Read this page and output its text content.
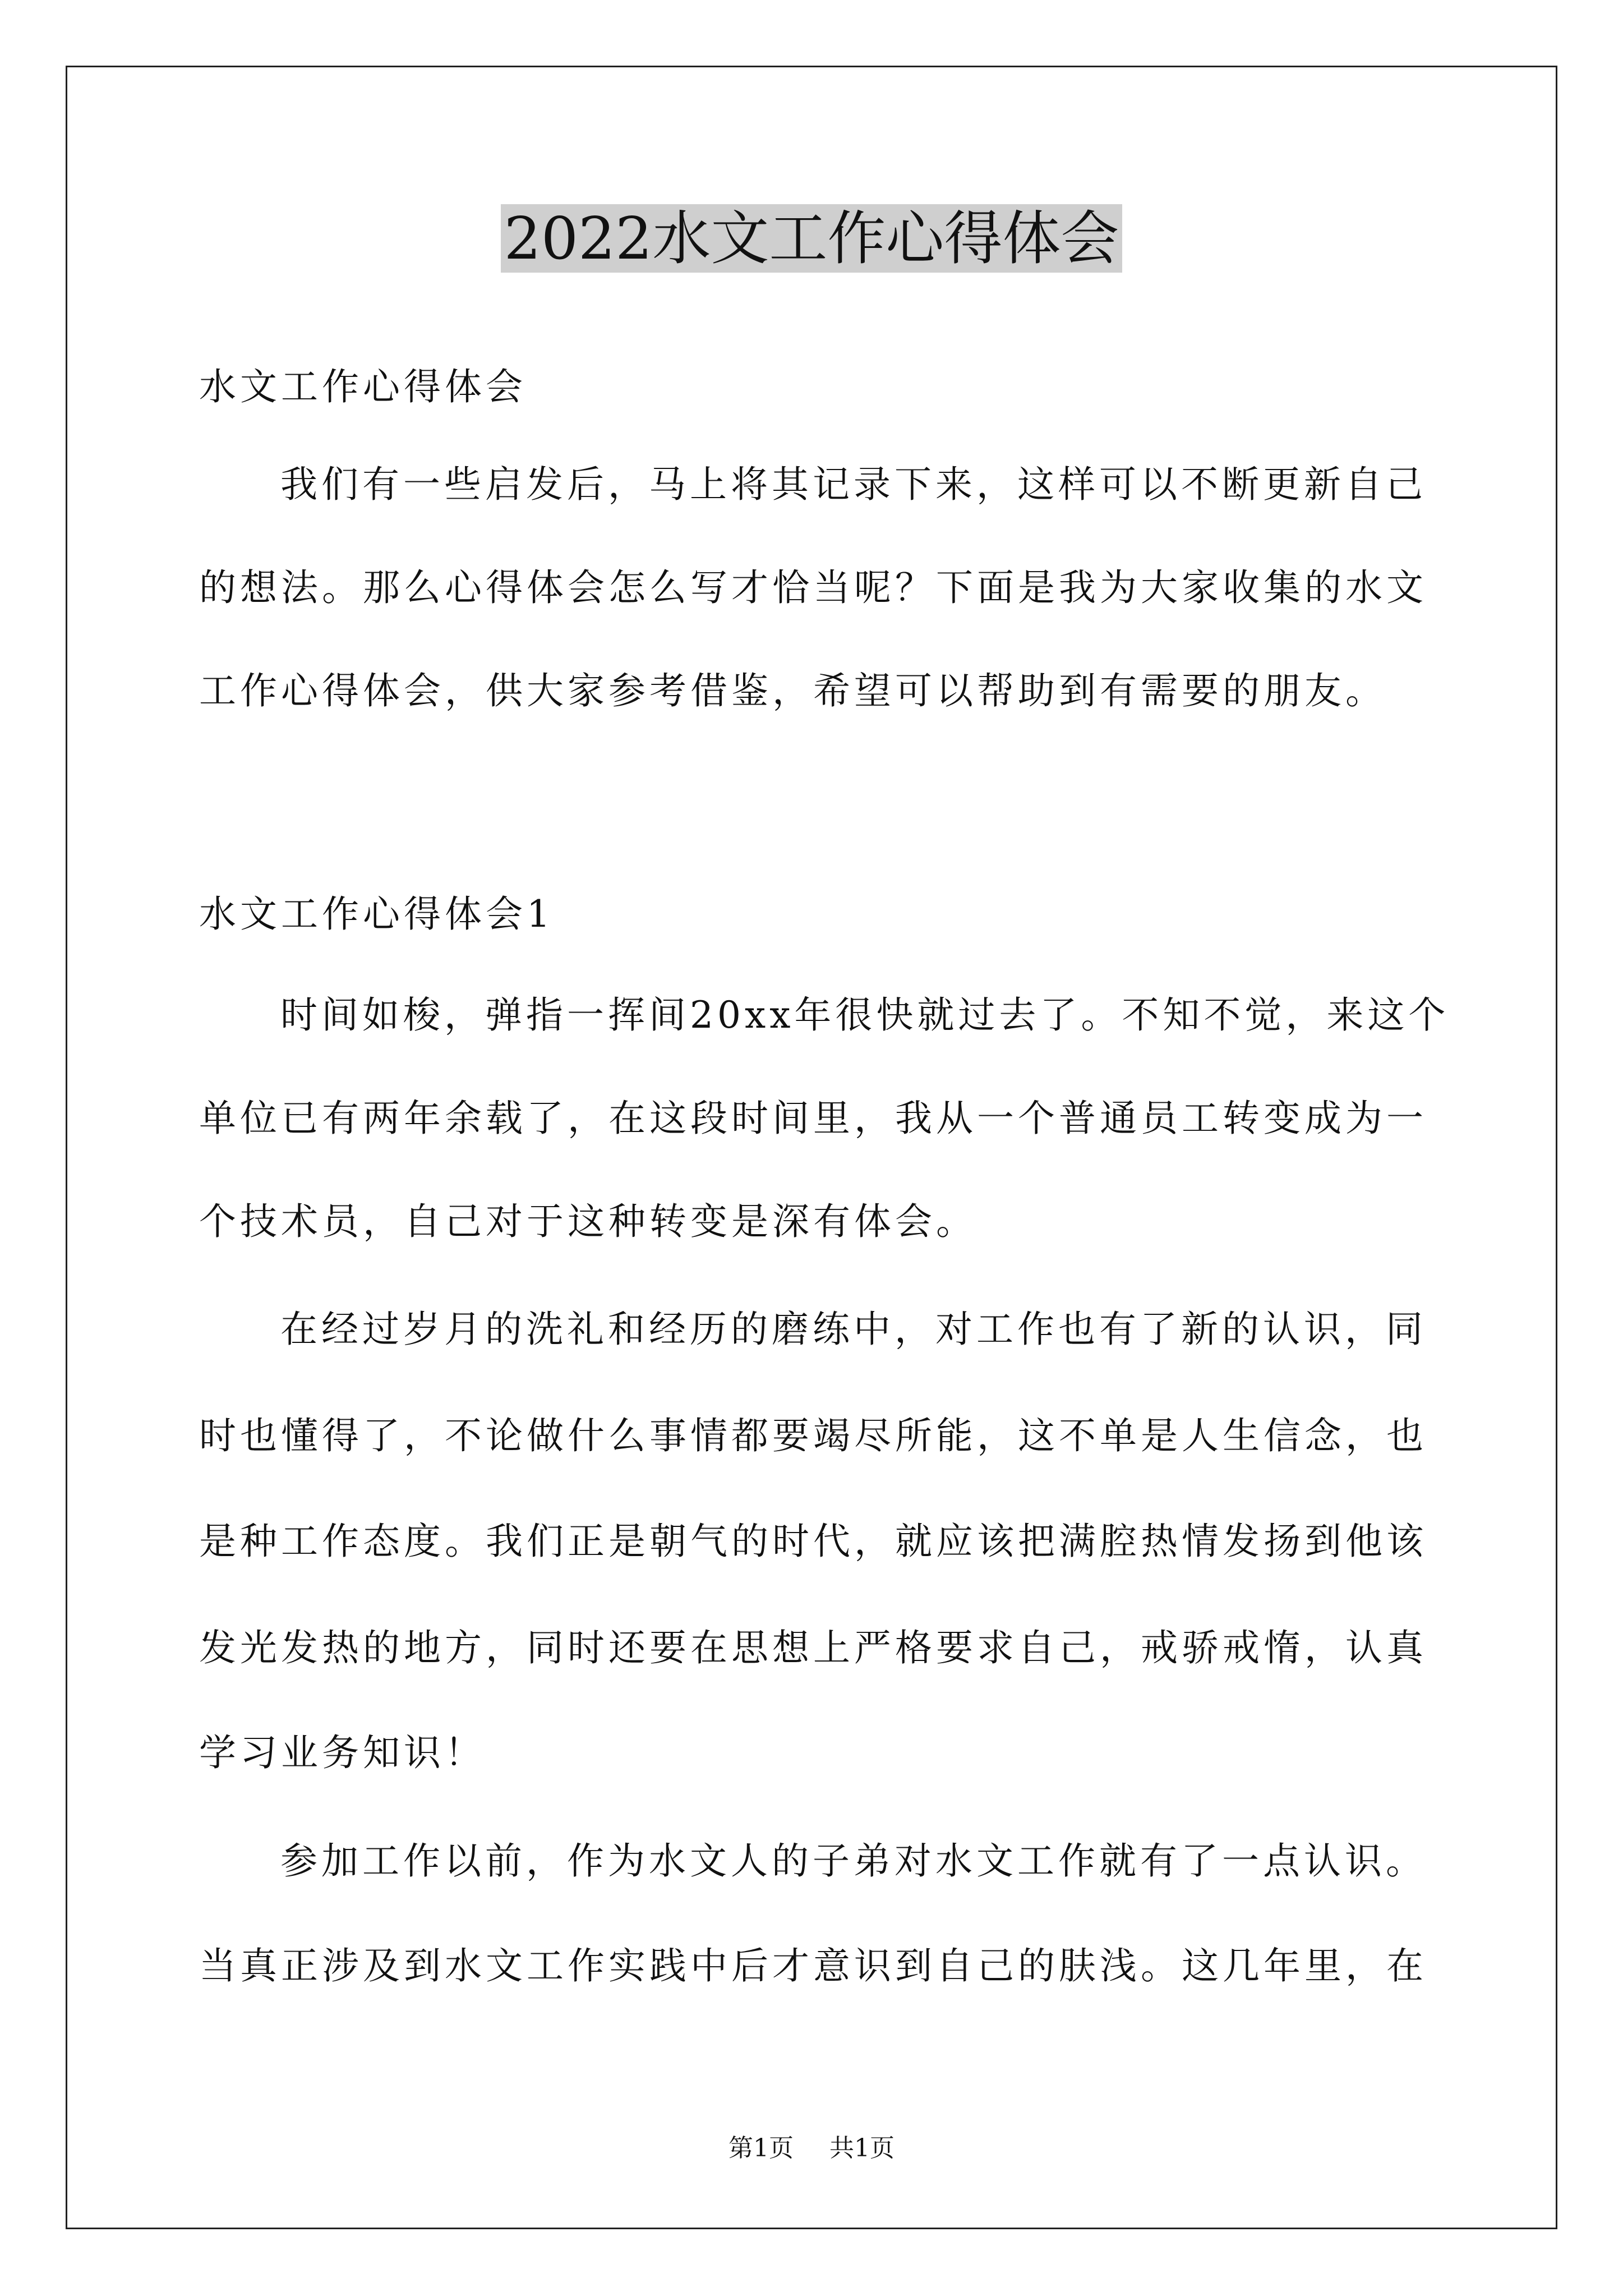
2022水文工作心得体会
水文工作心得体会
我们有一些启发后，马上将其记录下来，这样可以不断更新自己
的想法。那么心得体会怎么写才恰当呢？下面是我为大家收集的水文
工作心得体会，供大家参考借鉴，希望可以帮助到有需要的朋友。
水文工作心得体会1
时间如梭，弹指一挥间20xx年很快就过去了。不知不觉，来这个
单位已有两年余载了，在这段时间里，我从一个普通员工转变成为一
个技术员，自己对于这种转变是深有体会。
在经过岁月的洗礼和经历的磨练中，对工作也有了新的认识，同
时也懂得了，不论做什么事情都要竭尽所能，这不单是人生信念，也
是种工作态度。我们正是朝气的时代，就应该把满腔热情发扬到他该
发光发热的地方，同时还要在思想上严格要求自己，戒骄戒惰，认真
学习业务知识！
参加工作以前，作为水文人的子弟对水文工作就有了一点认识。
当真正涉及到水文工作实践中后才意识到自己的肤浅。这几年里，在
第1页 共1页
